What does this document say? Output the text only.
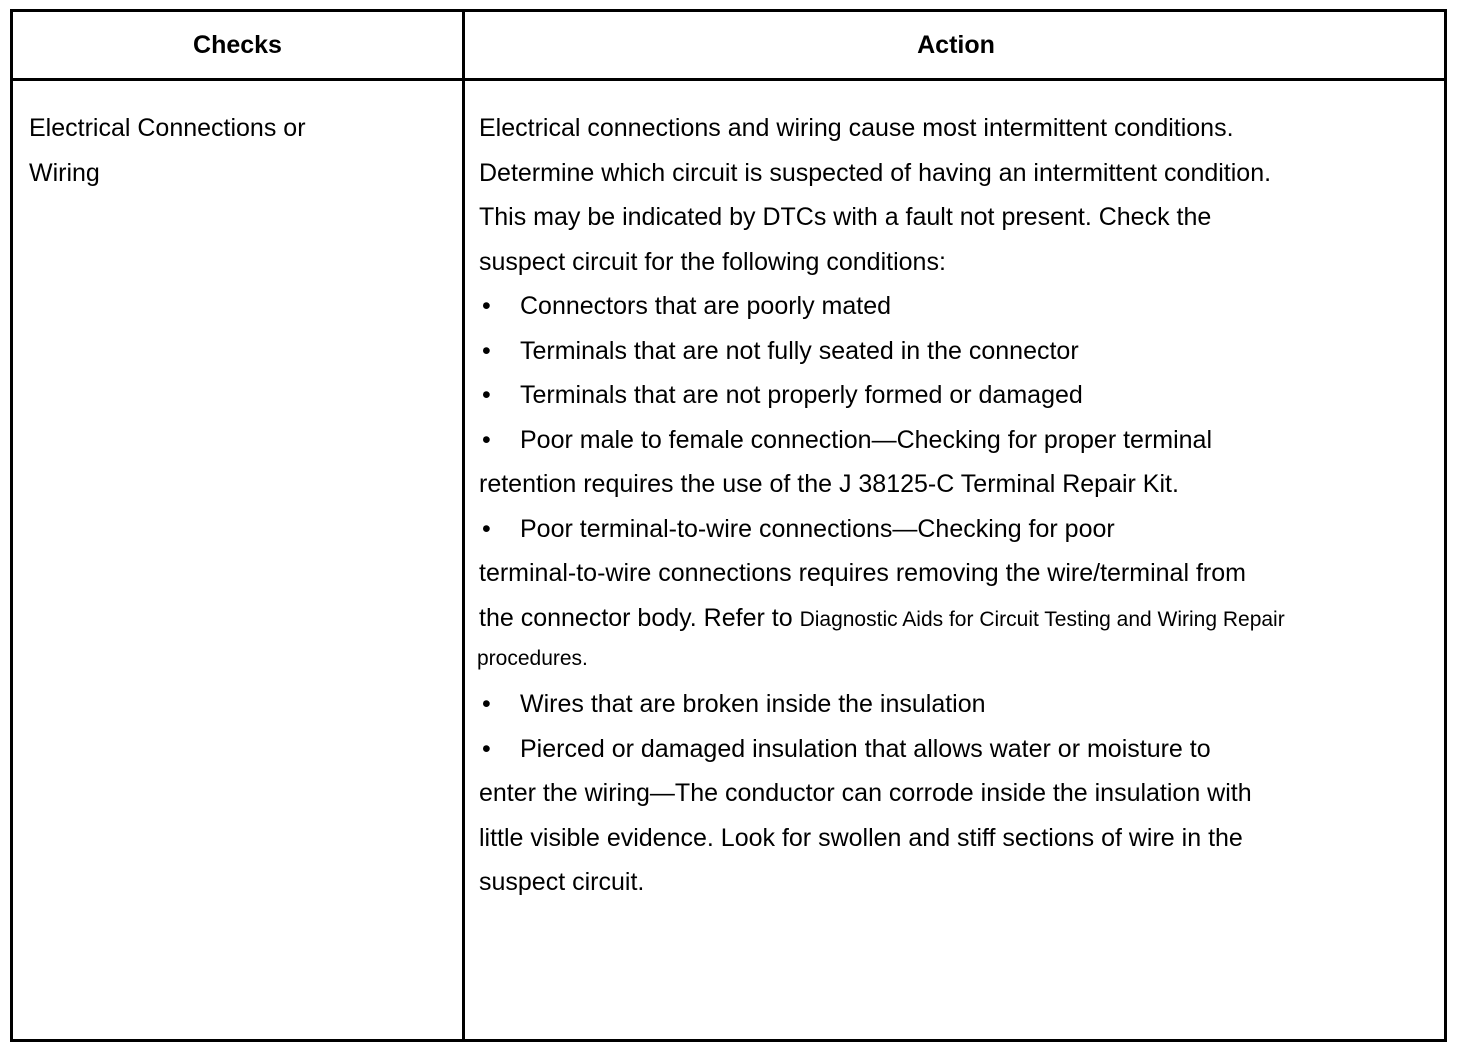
Checks	Action
Electrical Connections or
Wiring
Electrical connections and wiring cause most intermittent conditions.
Determine which circuit is suspected of having an intermittent condition.
This may be indicated by DTCs with a fault not present. Check the
suspect circuit for the following conditions:
• Connectors that are poorly mated
• Terminals that are not fully seated in the connector
• Terminals that are not properly formed or damaged
• Poor male to female connection—Checking for proper terminal
retention requires the use of the J 38125-C Terminal Repair Kit.
• Poor terminal-to-wire connections—Checking for poor
terminal-to-wire connections requires removing the wire/terminal from
the connector body. Refer to Diagnostic Aids for Circuit Testing and Wiring Repair
procedures.
• Wires that are broken inside the insulation
• Pierced or damaged insulation that allows water or moisture to
enter the wiring—The conductor can corrode inside the insulation with
little visible evidence. Look for swollen and stiff sections of wire in the
suspect circuit.
